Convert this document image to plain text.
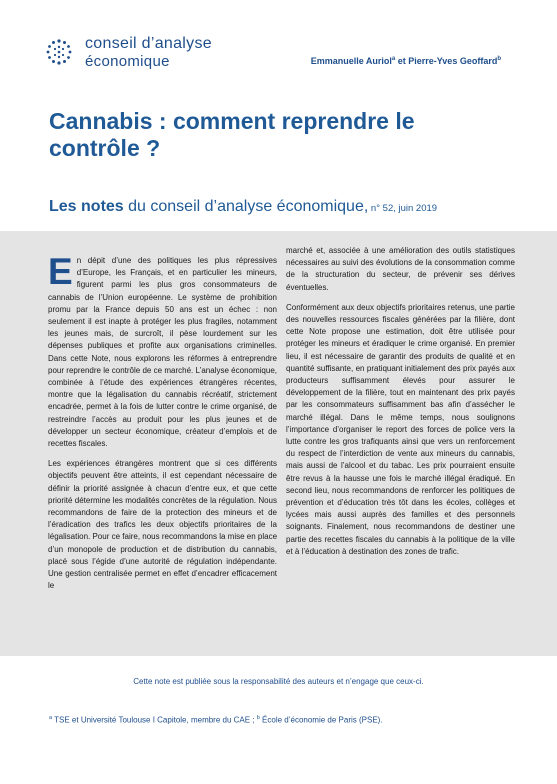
conseil d’analyse
économique	Emmanuelle Auriol$^a$ et Pierre-Yves Geoffard$^b$
Cannabis : comment reprendre le contrôle ?
Les notes du conseil d’analyse économique, n° 52, juin 2019

En dépit d’une des politiques les plus répressives d’Europe, les Français, et en particulier les mineurs, figurent parmi les plus gros consommateurs de cannabis de l’Union européenne. Le système de prohibition promu par la France depuis 50 ans est un échec : non seulement il est inapte à protéger les plus fragiles, notamment les jeunes mais, de surcroît, il pèse lourdement sur les dépenses publiques et profite aux organisations criminelles. Dans cette Note, nous explorons les réformes à entreprendre pour reprendre le contrôle de ce marché. L’analyse économique, combinée à l’étude des expériences étrangères récentes, montre que la légalisation du cannabis récréatif, strictement encadrée, permet à la fois de lutter contre le crime organisé, de restreindre l’accès au produit pour les plus jeunes et de développer un secteur économique, créateur d’emplois et de recettes fiscales.

Les expériences étrangères montrent que si ces différents objectifs peuvent être atteints, il est cependant nécessaire de définir la priorité assignée à chacun d’entre eux, et que cette priorité détermine les modalités concrètes de la régulation. Nous recommandons de faire de la protection des mineurs et de l’éradication des trafics les deux objectifs prioritaires de la légalisation. Pour ce faire, nous recommandons la mise en place d’un monopole de production et de distribution du cannabis, placé sous l’égide d’une autorité de régulation indépendante. Une gestion centralisée permet en effet d’encadrer efficacement le

marché et, associée à une amélioration des outils statistiques nécessaires au suivi des évolutions de la consommation comme de la structuration du secteur, de prévenir ses dérives éventuelles.

Conformément aux deux objectifs prioritaires retenus, une partie des nouvelles ressources fiscales générées par la filière, dont cette Note propose une estimation, doit être utilisée pour protéger les mineurs et éradiquer le crime organisé. En premier lieu, il est nécessaire de garantir des produits de qualité et en quantité suffisante, en pratiquant initialement des prix payés aux producteurs suffisamment élevés pour assurer le développement de la filière, tout en maintenant des prix payés par les consommateurs suffisamment bas afin d’assécher le marché illégal. Dans le même temps, nous soulignons l’importance d’organiser le report des forces de police vers la lutte contre les gros trafiquants ainsi que vers un renforcement du respect de l’interdiction de vente aux mineurs du cannabis, mais aussi de l’alcool et du tabac. Les prix pourraient ensuite être revus à la hausse une fois le marché illégal éradiqué. En second lieu, nous recommandons de renforcer les politiques de prévention et d’éducation très tôt dans les écoles, collèges et lycées mais aussi auprès des familles et des personnels soignants. Finalement, nous recommandons de destiner une partie des recettes fiscales du cannabis à la politique de la ville et à l’éducation à destination des zones de trafic.

Cette note est publiée sous la responsabilité des auteurs et n’engage que ceux-ci.
$^a$ TSE et Université Toulouse I Capitole, membre du CAE ; $^b$ École d’économie de Paris (PSE).
